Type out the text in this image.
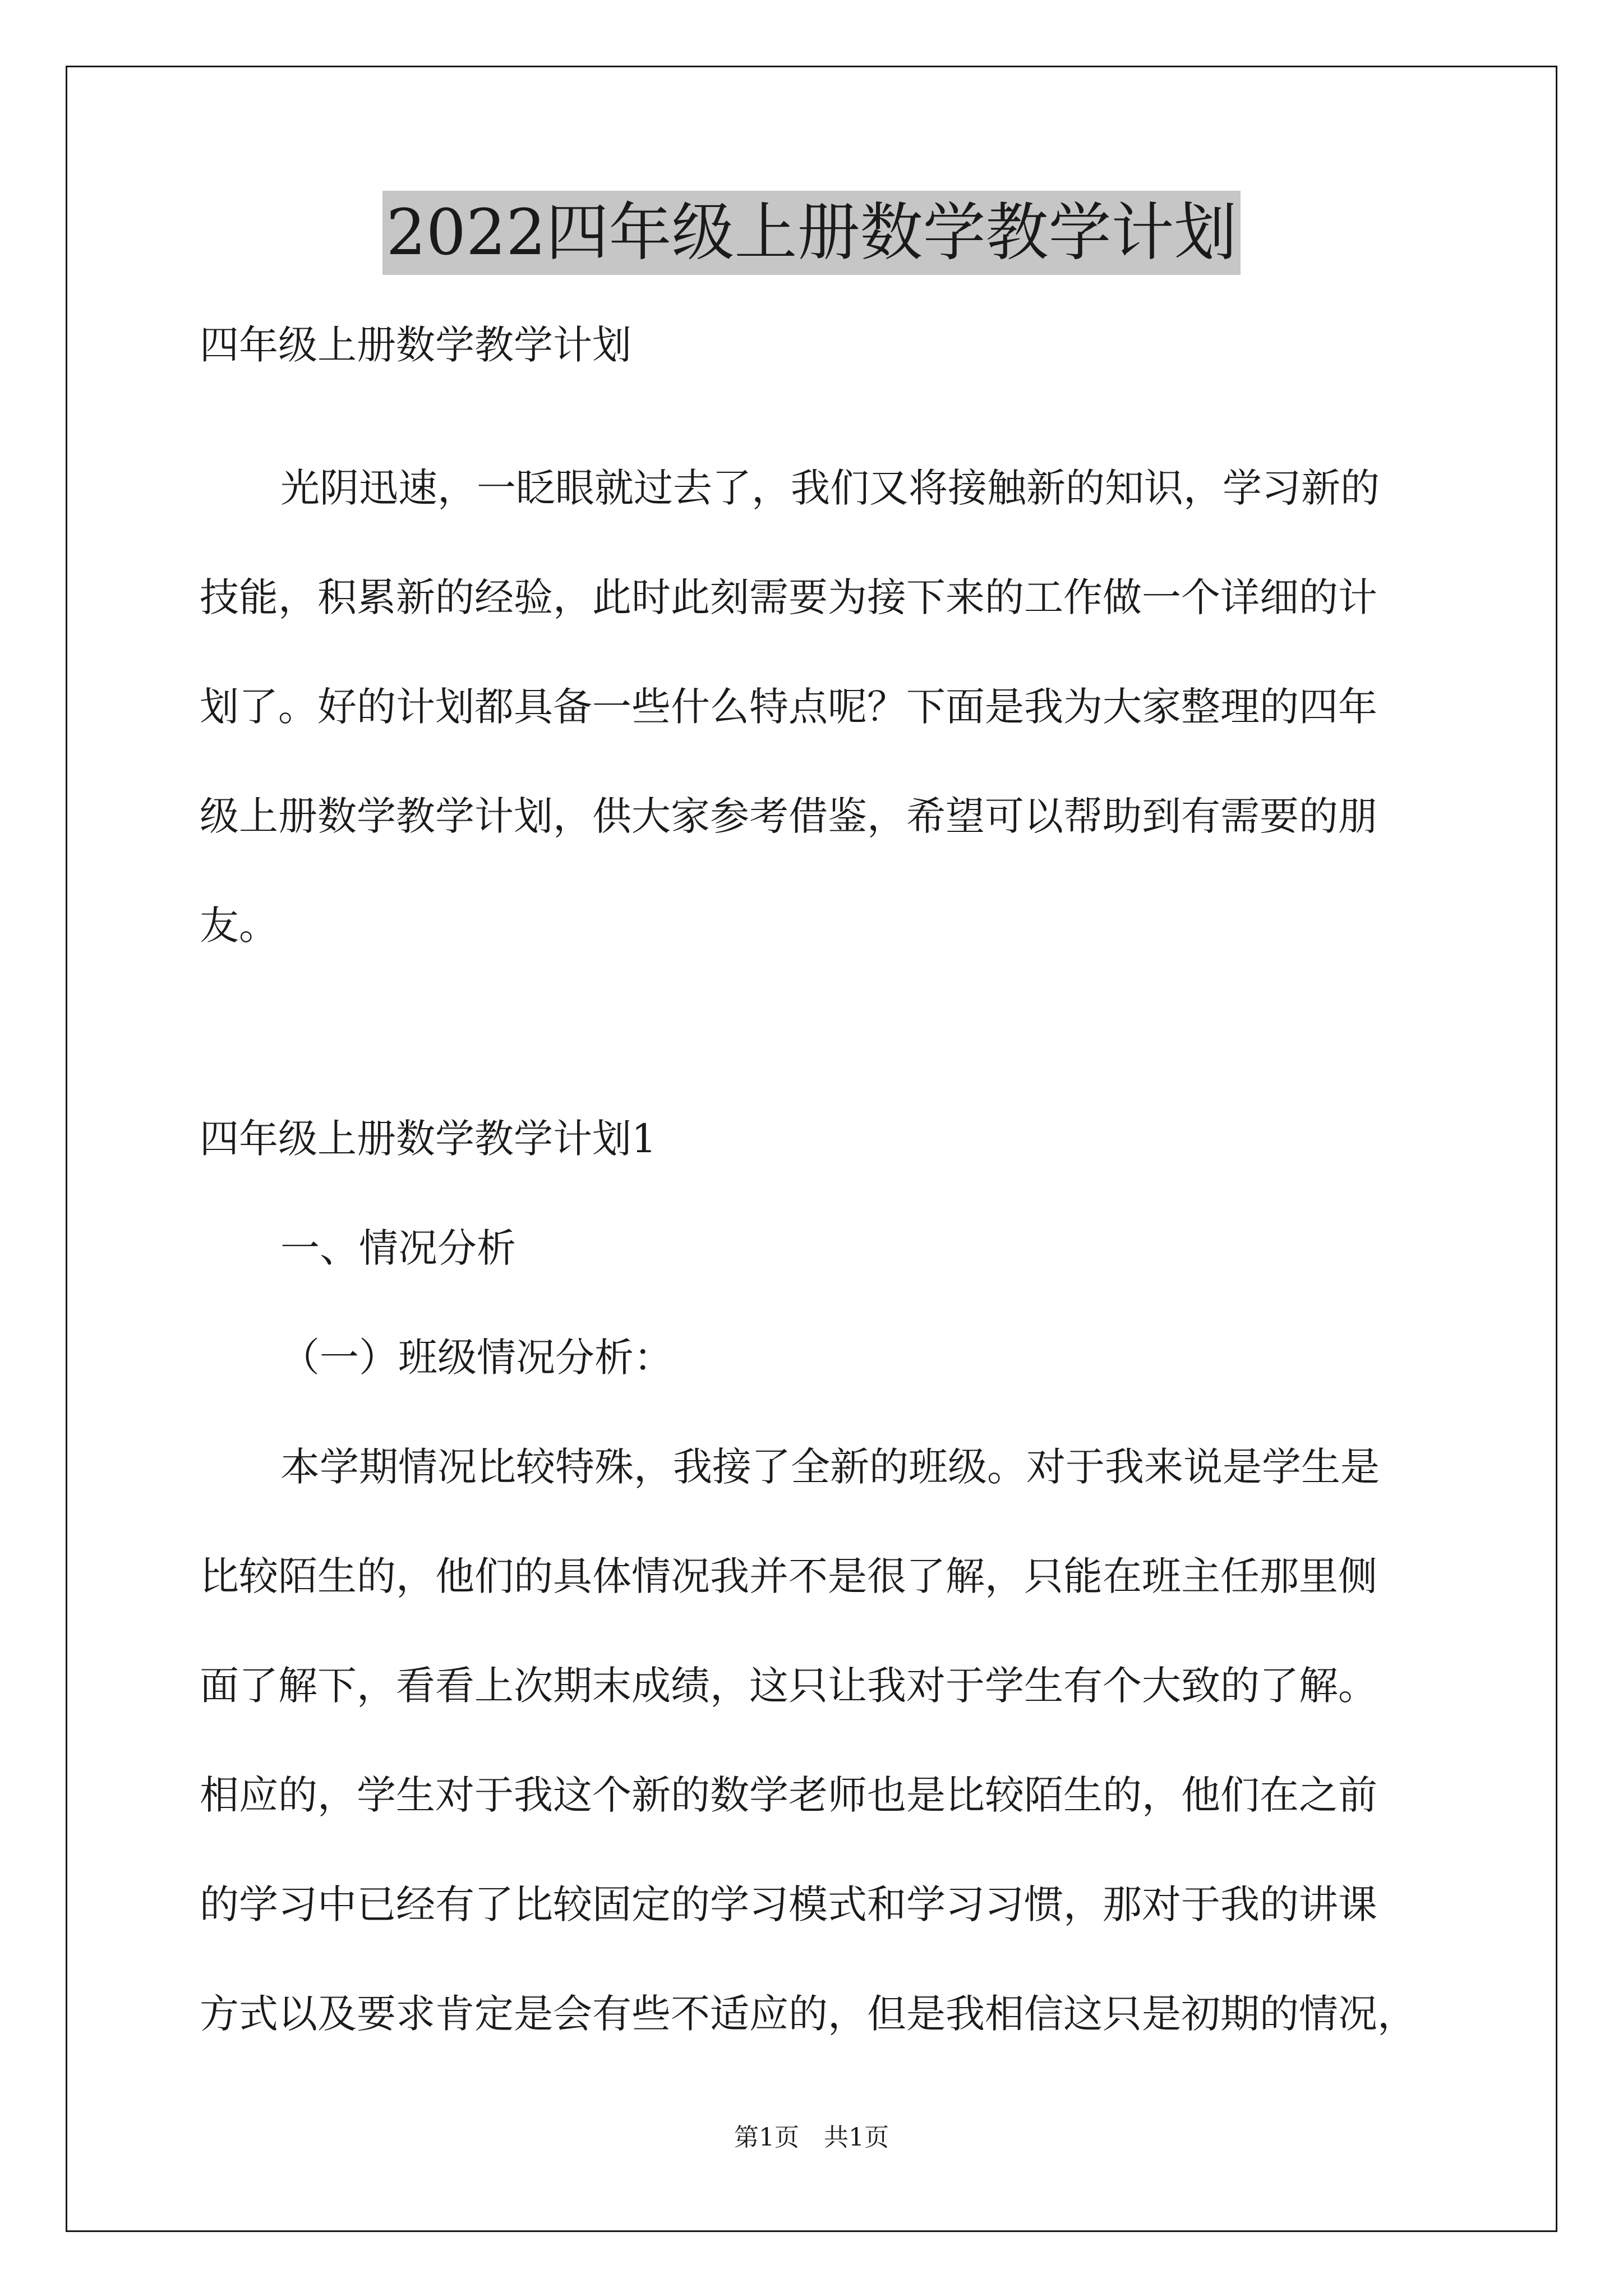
2022四年级上册数学教学计划
四年级上册数学教学计划
光阴迅速，一眨眼就过去了，我们又将接触新的知识，学习新的
技能，积累新的经验，此时此刻需要为接下来的工作做一个详细的计
划了。好的计划都具备一些什么特点呢？下面是我为大家整理的四年
级上册数学教学计划，供大家参考借鉴，希望可以帮助到有需要的朋
友。
四年级上册数学教学计划1
一、情况分析
（一）班级情况分析：
本学期情况比较特殊，我接了全新的班级。对于我来说是学生是
比较陌生的，他们的具体情况我并不是很了解，只能在班主任那里侧
面了解下，看看上次期末成绩，这只让我对于学生有个大致的了解。
相应的，学生对于我这个新的数学老师也是比较陌生的，他们在之前
的学习中已经有了比较固定的学习模式和学习习惯，那对于我的讲课
方式以及要求肯定是会有些不适应的，但是我相信这只是初期的情况，
第1页 共1页
